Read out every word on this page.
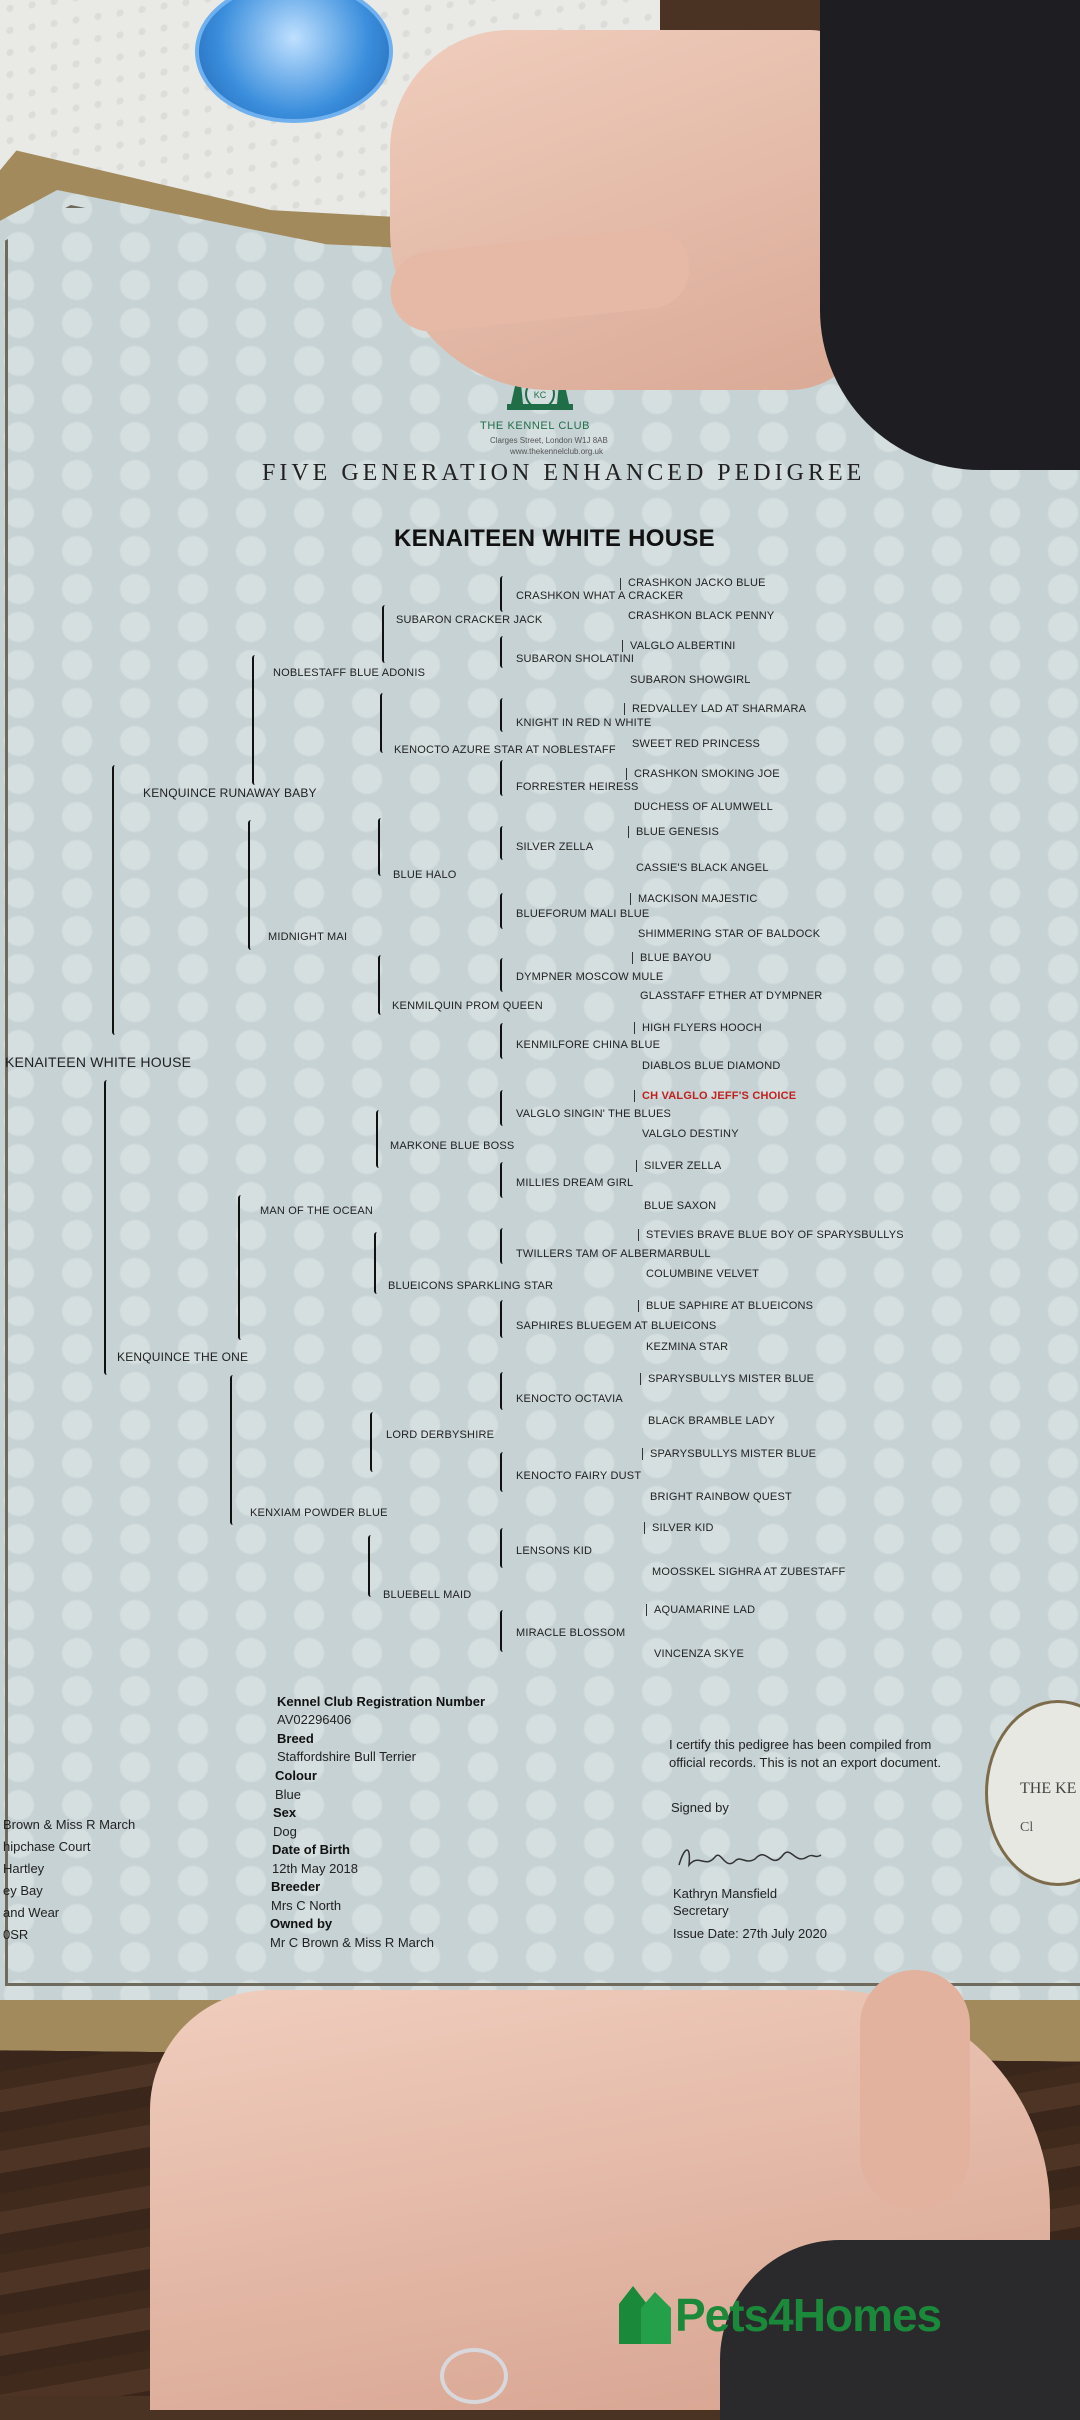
KC
THE KENNEL CLUB
Clarges Street, London W1J 8AB
www.thekennelclub.org.uk
FIVE GENERATION ENHANCED PEDIGREE
KENAITEEN WHITE HOUSE
KENAITEEN WHITE HOUSE
KENQUINCE RUNAWAY BABY
KENQUINCE THE ONE
NOBLESTAFF BLUE ADONIS
MIDNIGHT MAI
MAN OF THE OCEAN
KENXIAM POWDER BLUE
SUBARON CRACKER JACK
KENOCTO AZURE STAR AT NOBLESTAFF
BLUE HALO
KENMILQUIN PROM QUEEN
MARKONE BLUE BOSS
BLUEICONS SPARKLING STAR
LORD DERBYSHIRE
BLUEBELL MAID
CRASHKON WHAT A CRACKER
SUBARON SHOLATINI
KNIGHT IN RED N WHITE
FORRESTER HEIRESS
SILVER ZELLA
BLUEFORUM MALI BLUE
DYMPNER MOSCOW MULE
KENMILFORE CHINA BLUE
VALGLO SINGIN' THE BLUES
MILLIES DREAM GIRL
TWILLERS TAM OF ALBERMARBULL
SAPHIRES BLUEGEM AT BLUEICONS
KENOCTO OCTAVIA
KENOCTO FAIRY DUST
LENSONS KID
MIRACLE BLOSSOM
CRASHKON JACKO BLUE
CRASHKON BLACK PENNY
VALGLO ALBERTINI
SUBARON SHOWGIRL
REDVALLEY LAD AT SHARMARA
SWEET RED PRINCESS
CRASHKON SMOKING JOE
DUCHESS OF ALUMWELL
BLUE GENESIS
CASSIE'S BLACK ANGEL
MACKISON MAJESTIC
SHIMMERING STAR OF BALDOCK
BLUE BAYOU
GLASSTAFF ETHER AT DYMPNER
HIGH FLYERS HOOCH
DIABLOS BLUE DIAMOND
CH VALGLO JEFF'S CHOICE
VALGLO DESTINY
SILVER ZELLA
BLUE SAXON
STEVIES BRAVE BLUE BOY OF SPARYSBULLYS
COLUMBINE VELVET
BLUE SAPHIRE AT BLUEICONS
KEZMINA STAR
SPARYSBULLYS MISTER BLUE
BLACK BRAMBLE LADY
SPARYSBULLYS MISTER BLUE
BRIGHT RAINBOW QUEST
SILVER KID
MOOSSKEL SIGHRA AT ZUBESTAFF
AQUAMARINE LAD
VINCENZA SKYE
Kennel Club Registration Number
AV02296406
Breed
Staffordshire Bull Terrier
Colour
Blue
Sex
Dog
Date of Birth
12th May 2018
Breeder
Mrs C North
Owned by
Mr C Brown & Miss R March
Brown & Miss R March
hipchase Court
Hartley
ey Bay
and Wear
0SR
I certify this pedigree has been compiled from
official records. This is not an export document.
Signed by
Kathryn Mansfield
Secretary
Issue Date: 27th July 2020
THE KE
Cl
Pets4Homes
